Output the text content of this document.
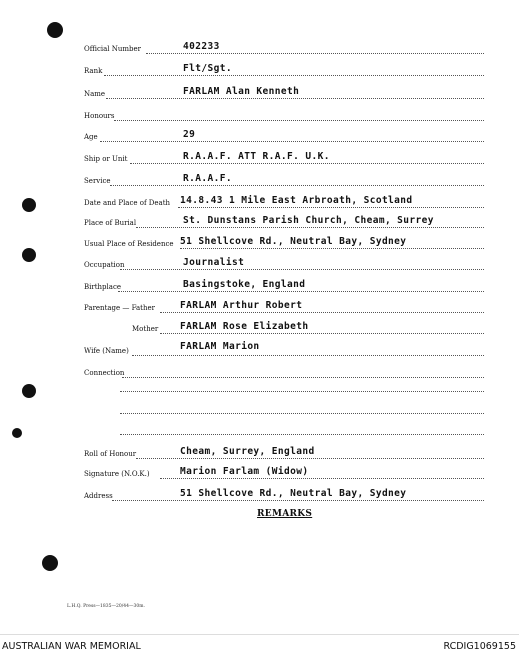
Official Number	402233
Rank	Flt/Sgt.
Name	FARLAM Alan Kenneth
Honours
Age	29
Ship or Unit	R.A.A.F. ATT R.A.F. U.K.
Service	R.A.A.F.
Date and Place of Death 14.8.43 1 Mile East Arbroath, Scotland
Place of Burial	St. Dunstans Parish Church, Cheam, Surrey
Usual Place of Residence 51 Shellcove Rd., Neutral Bay, Sydney
Occupation	Journalist
Birthplace	Basingstoke, England
Parentage — Father	FARLAM Arthur Robert
Mother FARLAM Rose Elizabeth
Wife (Name)	FARLAM Marion
Connection
Roll of Honour	Cheam, Surrey, England
Signature (N.O.K.)	Marion Farlam (Widow)
Address	51 Shellcove Rd., Neutral Bay, Sydney
REMARKS
L.H.Q. Press—1835—20/44—30m.
AUSTRALIAN WAR MEMORIAL	RCDIG1069155
